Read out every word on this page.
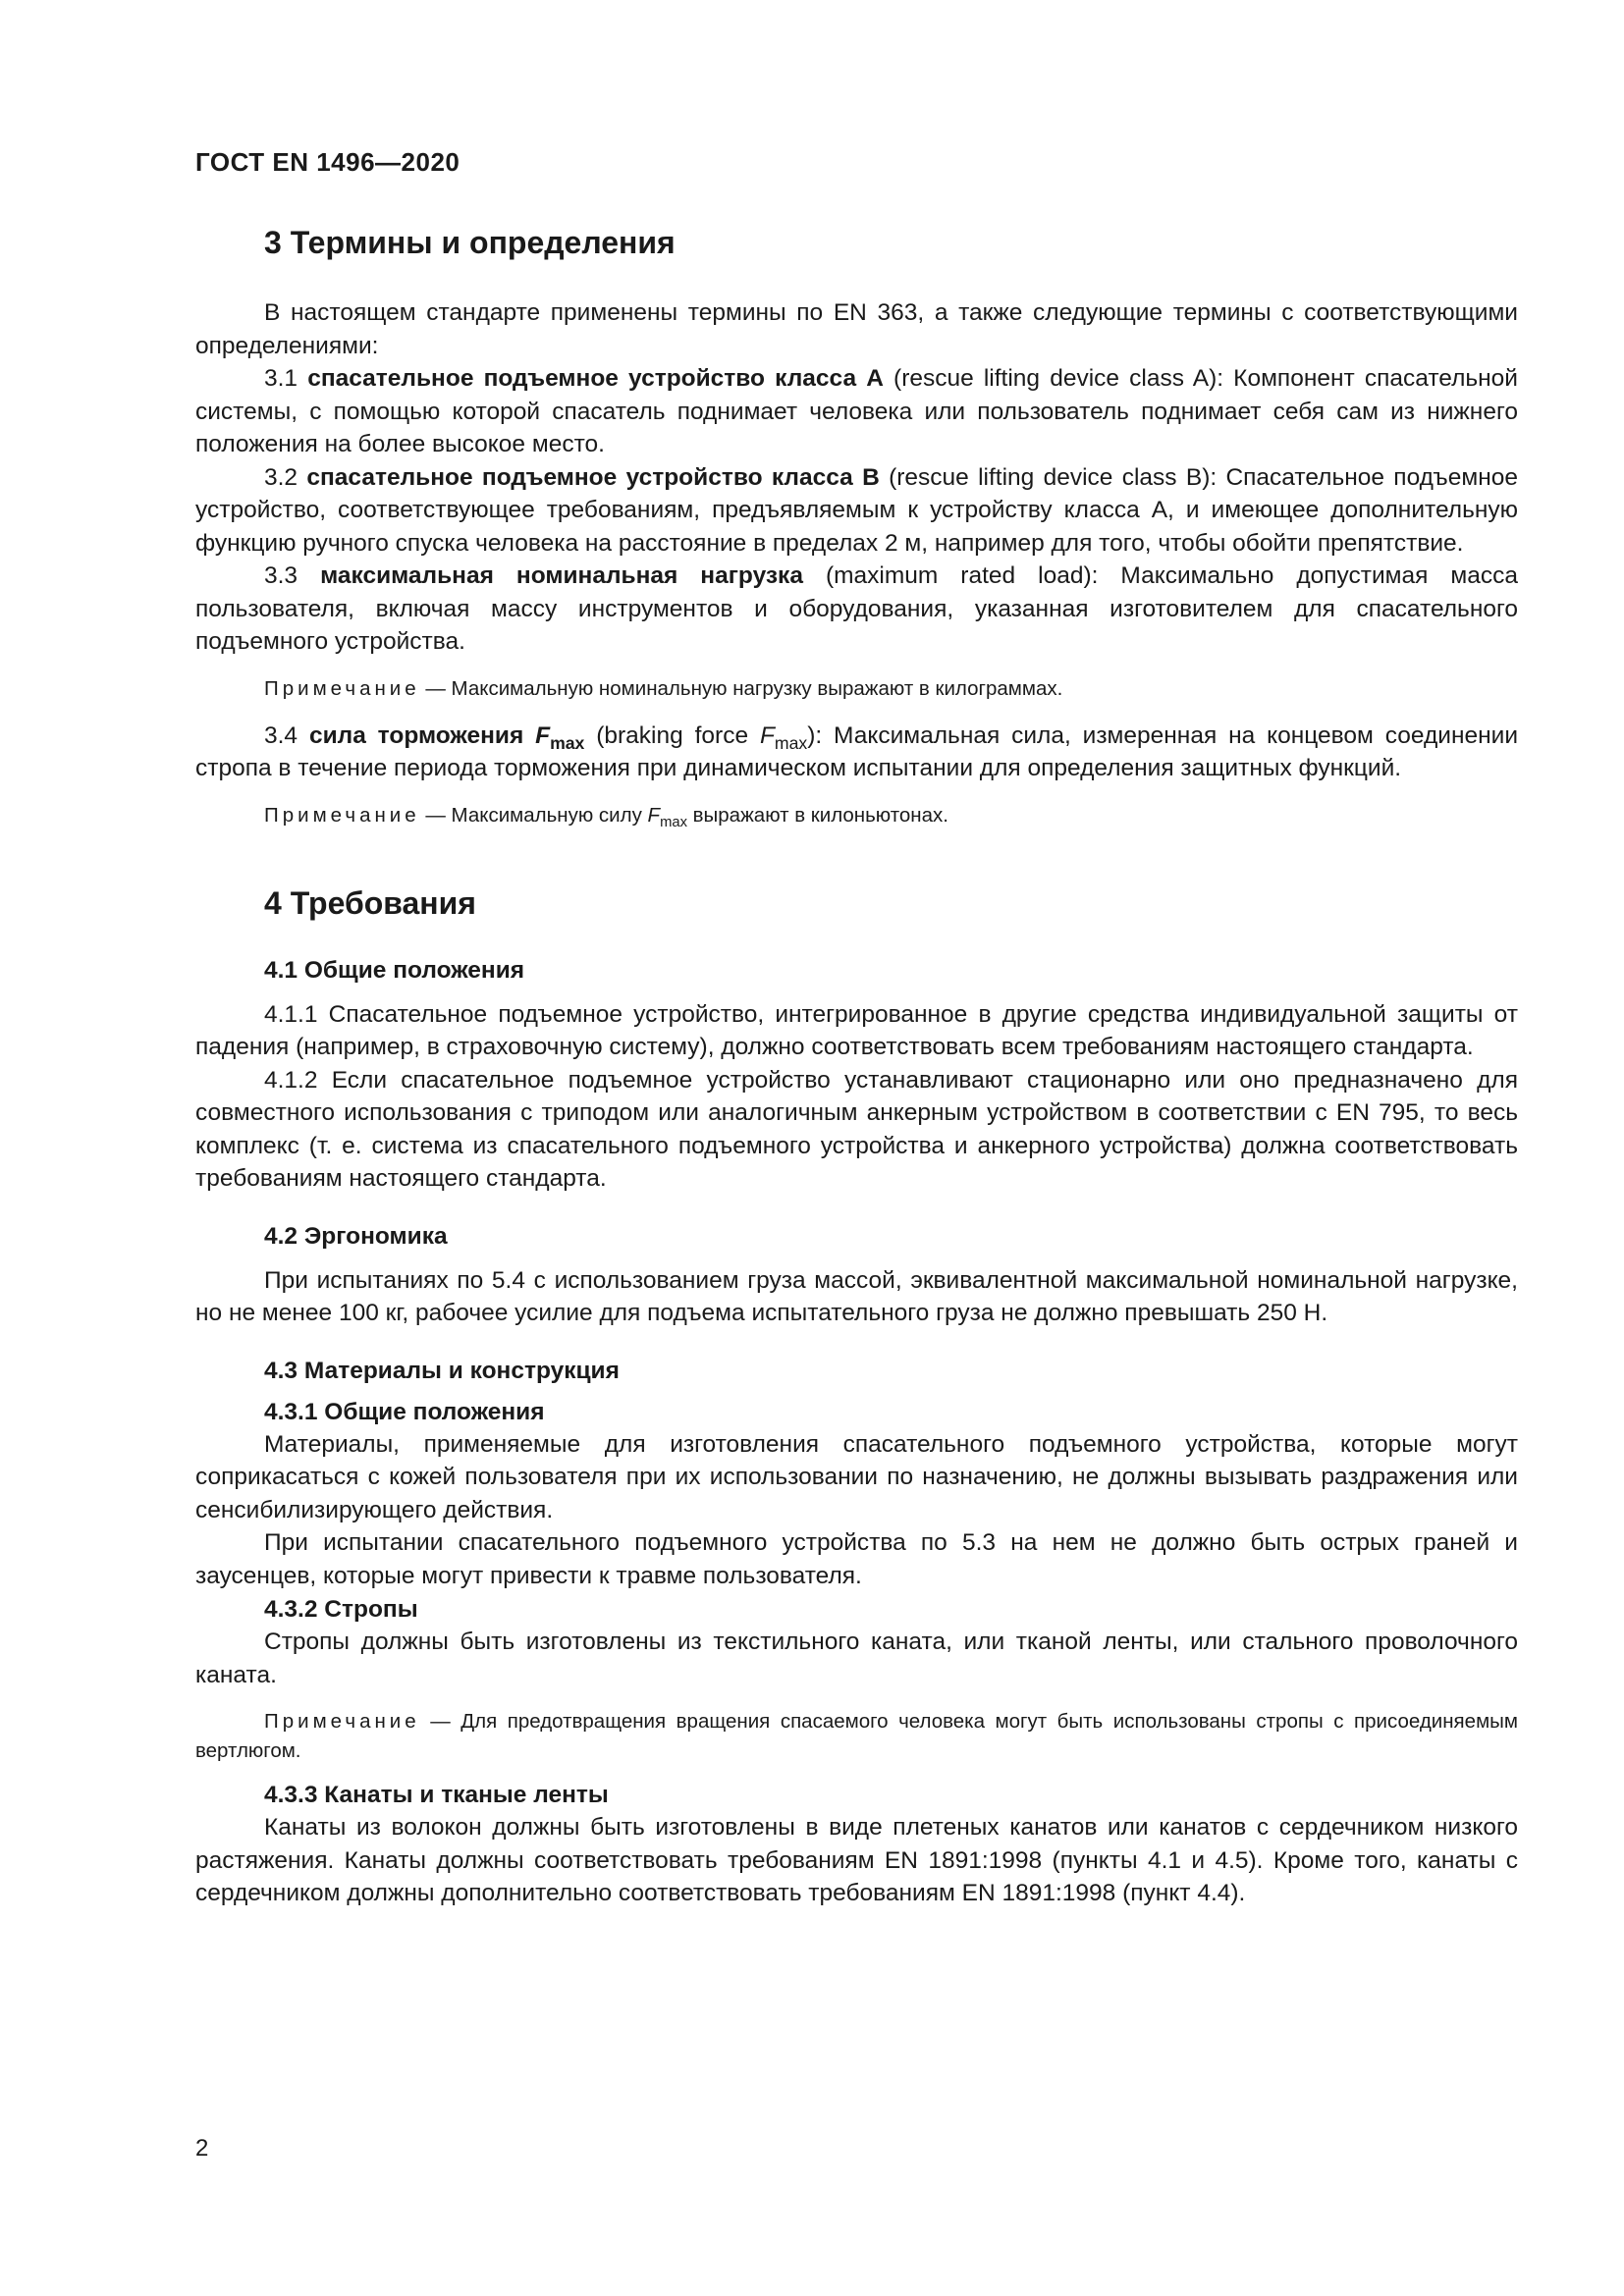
ГОСТ EN 1496—2020
3 Термины и определения

В настоящем стандарте применены термины по EN 363, а также следующие термины с соответствующими определениями:

3.1 спасательное подъемное устройство класса А (rescue lifting device class A): Компонент спасательной системы, с помощью которой спасатель поднимает человека или пользователь поднимает себя сам из нижнего положения на более высокое место.

3.2 спасательное подъемное устройство класса В (rescue lifting device class B): Спасательное подъемное устройство, соответствующее требованиям, предъявляемым к устройству класса А, и имеющее дополнительную функцию ручного спуска человека на расстояние в пределах 2 м, например для того, чтобы обойти препятствие.

3.3 максимальная номинальная нагрузка (maximum rated load): Максимально допустимая масса пользователя, включая массу инструментов и оборудования, указанная изготовителем для спасательного подъемного устройства.

Примечание — Максимальную номинальную нагрузку выражают в килограммах.

3.4 сила торможения $F_{max}$ (braking force $F_{max}$): Максимальная сила, измеренная на концевом соединении стропа в течение периода торможения при динамическом испытании для определения защитных функций.

Примечание — Максимальную силу $F_{max}$ выражают в килоньютонах.

4 Требования
4.1 Общие положения

4.1.1 Спасательное подъемное устройство, интегрированное в другие средства индивидуальной защиты от падения (например, в страховочную систему), должно соответствовать всем требованиям настоящего стандарта.

4.1.2 Если спасательное подъемное устройство устанавливают стационарно или оно предназначено для совместного использования с триподом или аналогичным анкерным устройством в соответствии с EN 795, то весь комплекс (т. е. система из спасательного подъемного устройства и анкерного устройства) должна соответствовать требованиям настоящего стандарта.

4.2 Эргономика

При испытаниях по 5.4 с использованием груза массой, эквивалентной максимальной номинальной нагрузке, но не менее 100 кг, рабочее усилие для подъема испытательного груза не должно превышать 250 Н.

4.3 Материалы и конструкция
4.3.1 Общие положения

Материалы, применяемые для изготовления спасательного подъемного устройства, которые могут соприкасаться с кожей пользователя при их использовании по назначению, не должны вызывать раздражения или сенсибилизирующего действия.

При испытании спасательного подъемного устройства по 5.3 на нем не должно быть острых граней и заусенцев, которые могут привести к травме пользователя.

4.3.2 Стропы

Стропы должны быть изготовлены из текстильного каната, или тканой ленты, или стального проволочного каната.

Примечание — Для предотвращения вращения спасаемого человека могут быть использованы стропы с присоединяемым вертлюгом.

4.3.3 Канаты и тканые ленты

Канаты из волокон должны быть изготовлены в виде плетеных канатов или канатов с сердечником низкого растяжения. Канаты должны соответствовать требованиям EN 1891:1998 (пункты 4.1 и 4.5). Кроме того, канаты с сердечником должны дополнительно соответствовать требованиям EN 1891:1998 (пункт 4.4).

2
